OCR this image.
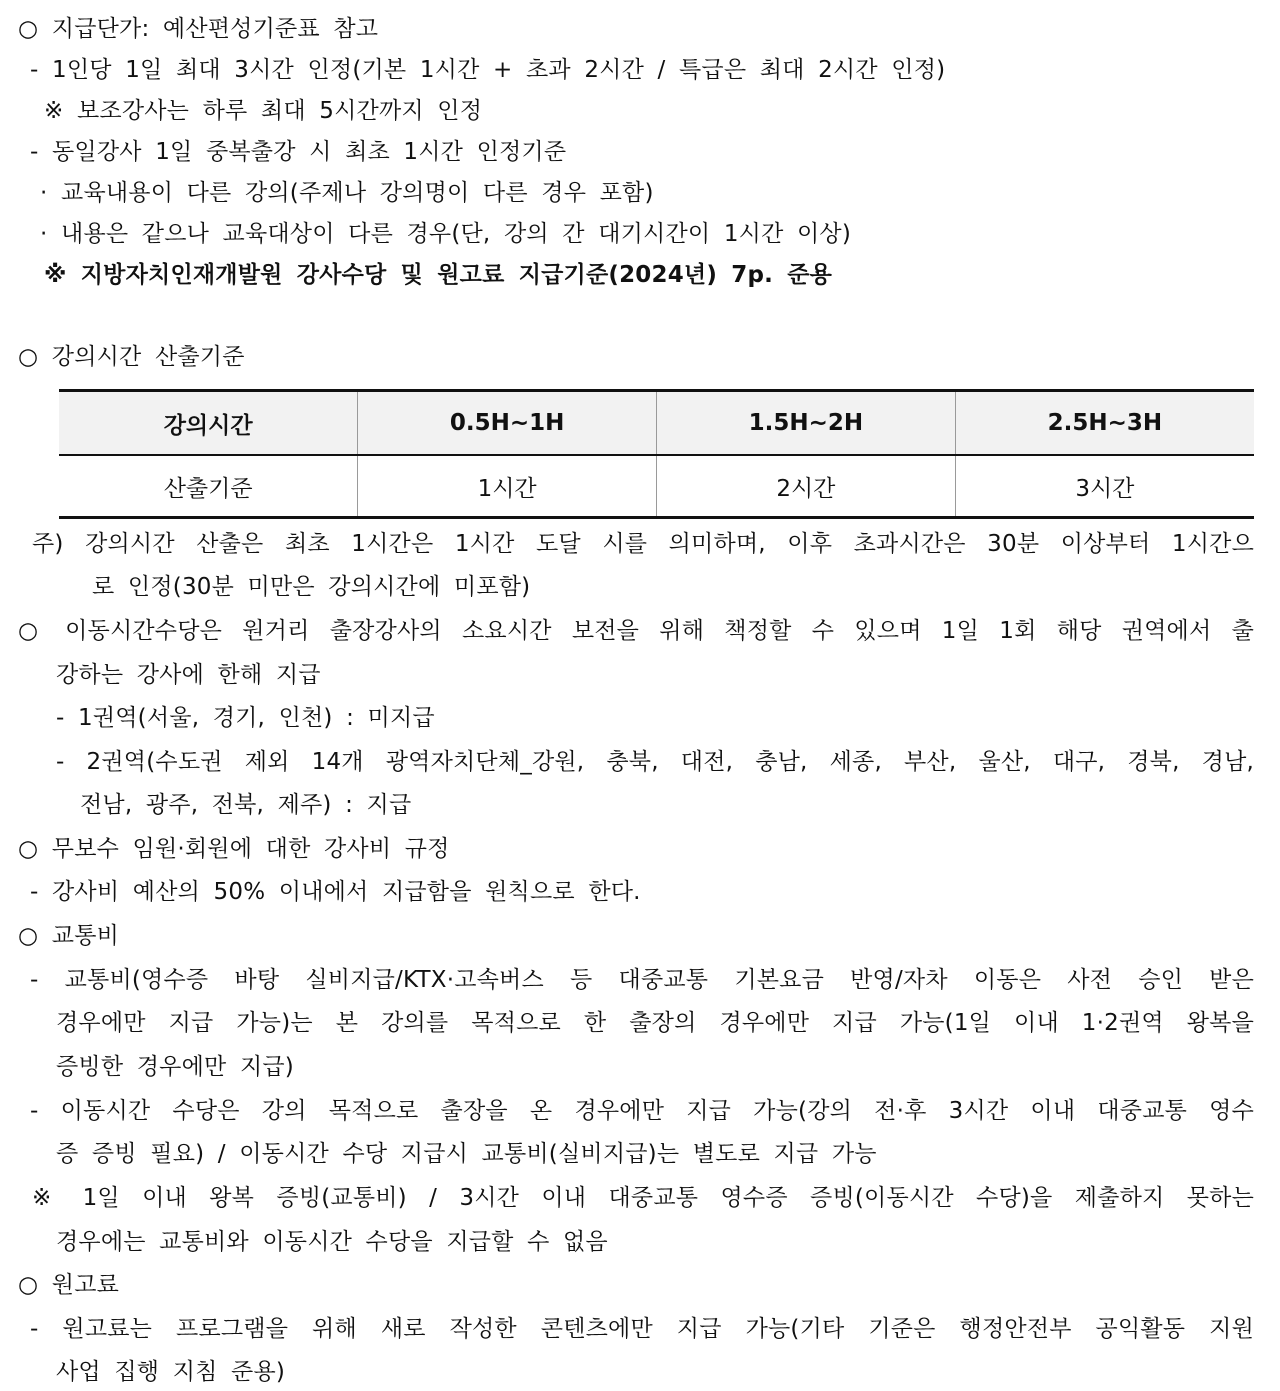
○ 지급단가: 예산편성기준표 참고
- 1인당 1일 최대 3시간 인정(기본 1시간 + 초과 2시간 / 특급은 최대 2시간 인정)
※ 보조강사는 하루 최대 5시간까지 인정
- 동일강사 1일 중복출강 시 최초 1시간 인정기준
· 교육내용이 다른 강의(주제나 강의명이 다른 경우 포함)
· 내용은 같으나 교육대상이 다른 경우(단, 강의 간 대기시간이 1시간 이상)
※ 지방자치인재개발원 강사수당 및 원고료 지급기준(2024년) 7p. 준용
○ 강의시간 산출기준
강의시간	0.5H~1H	1.5H~2H	2.5H~3H
산출기준	1시간	2시간	3시간
주) 강의시간 산출은 최초 1시간은 1시간 도달 시를 의미하며, 이후 초과시간은 30분 이상부터 1시간으
로 인정(30분 미만은 강의시간에 미포함)
○ 이동시간수당은 원거리 출장강사의 소요시간 보전을 위해 책정할 수 있으며 1일 1회 해당 권역에서 출
강하는 강사에 한해 지급
- 1권역(서울, 경기, 인천) : 미지급
- 2권역(수도권 제외 14개 광역자치단체_강원, 충북, 대전, 충남, 세종, 부산, 울산, 대구, 경북, 경남,
전남, 광주, 전북, 제주) : 지급
○ 무보수 임원·회원에 대한 강사비 규정
- 강사비 예산의 50% 이내에서 지급함을 원칙으로 한다.
○ 교통비
- 교통비(영수증 바탕 실비지급/KTX·고속버스 등 대중교통 기본요금 반영/자차 이동은 사전 승인 받은
경우에만 지급 가능)는 본 강의를 목적으로 한 출장의 경우에만 지급 가능(1일 이내 1·2권역 왕복을
증빙한 경우에만 지급)
- 이동시간 수당은 강의 목적으로 출장을 온 경우에만 지급 가능(강의 전·후 3시간 이내 대중교통 영수
증 증빙 필요) / 이동시간 수당 지급시 교통비(실비지급)는 별도로 지급 가능
※ 1일 이내 왕복 증빙(교통비) / 3시간 이내 대중교통 영수증 증빙(이동시간 수당)을 제출하지 못하는
경우에는 교통비와 이동시간 수당을 지급할 수 없음
○ 원고료
- 원고료는 프로그램을 위해 새로 작성한 콘텐츠에만 지급 가능(기타 기준은 행정안전부 공익활동 지원
사업 집행 지침 준용)
